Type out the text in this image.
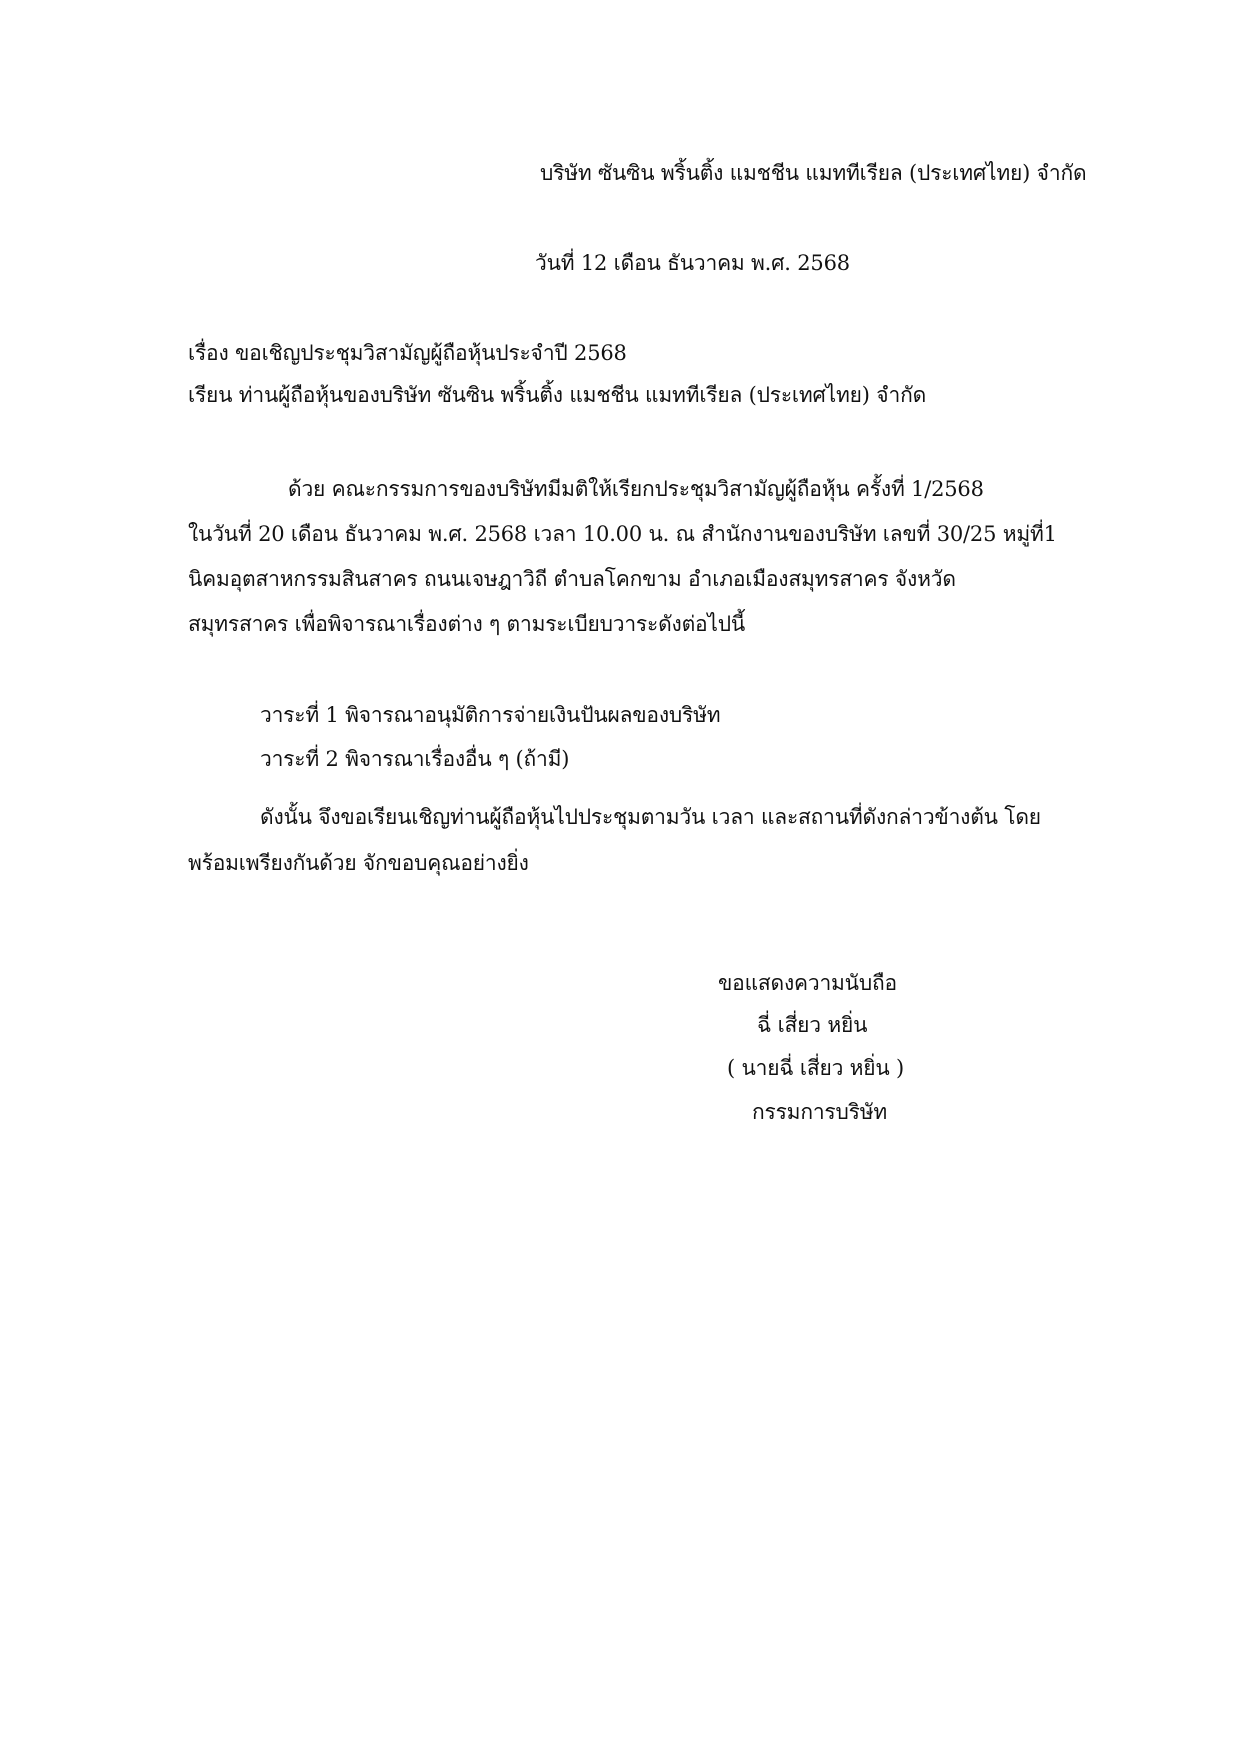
บริษัท ซันซิน พริ้นติ้ง แมชชีน แมททีเรียล (ประเทศไทย) จำกัด
วันที่ 12 เดือน ธันวาคม พ.ศ. 2568
เรื่อง ขอเชิญประชุมวิสามัญผู้ถือหุ้นประจำปี 2568
เรียน ท่านผู้ถือหุ้นของบริษัท ซันซิน พริ้นติ้ง แมชชีน แมททีเรียล (ประเทศไทย) จำกัด
ด้วย คณะกรรมการของบริษัทมีมติให้เรียกประชุมวิสามัญผู้ถือหุ้น ครั้งที่ 1/2568
ในวันที่ 20 เดือน ธันวาคม พ.ศ. 2568 เวลา 10.00 น. ณ สำนักงานของบริษัท เลขที่ 30/25 หมู่ที่1
นิคมอุตสาหกรรมสินสาคร ถนนเจษฎาวิถี ตำบลโคกขาม อำเภอเมืองสมุทรสาคร จังหวัด
สมุทรสาคร เพื่อพิจารณาเรื่องต่าง ๆ ตามระเบียบวาระดังต่อไปนี้
วาระที่ 1 พิจารณาอนุมัติการจ่ายเงินปันผลของบริษัท
วาระที่ 2 พิจารณาเรื่องอื่น ๆ (ถ้ามี)
ดังนั้น จึงขอเรียนเชิญท่านผู้ถือหุ้นไปประชุมตามวัน เวลา และสถานที่ดังกล่าวข้างต้น โดย
พร้อมเพรียงกันด้วย จักขอบคุณอย่างยิ่ง
ขอแสดงความนับถือ
ฉี่ เสี่ยว หยิ่น
( นายฉี่ เสี่ยว หยิ่น )
กรรมการบริษัท
